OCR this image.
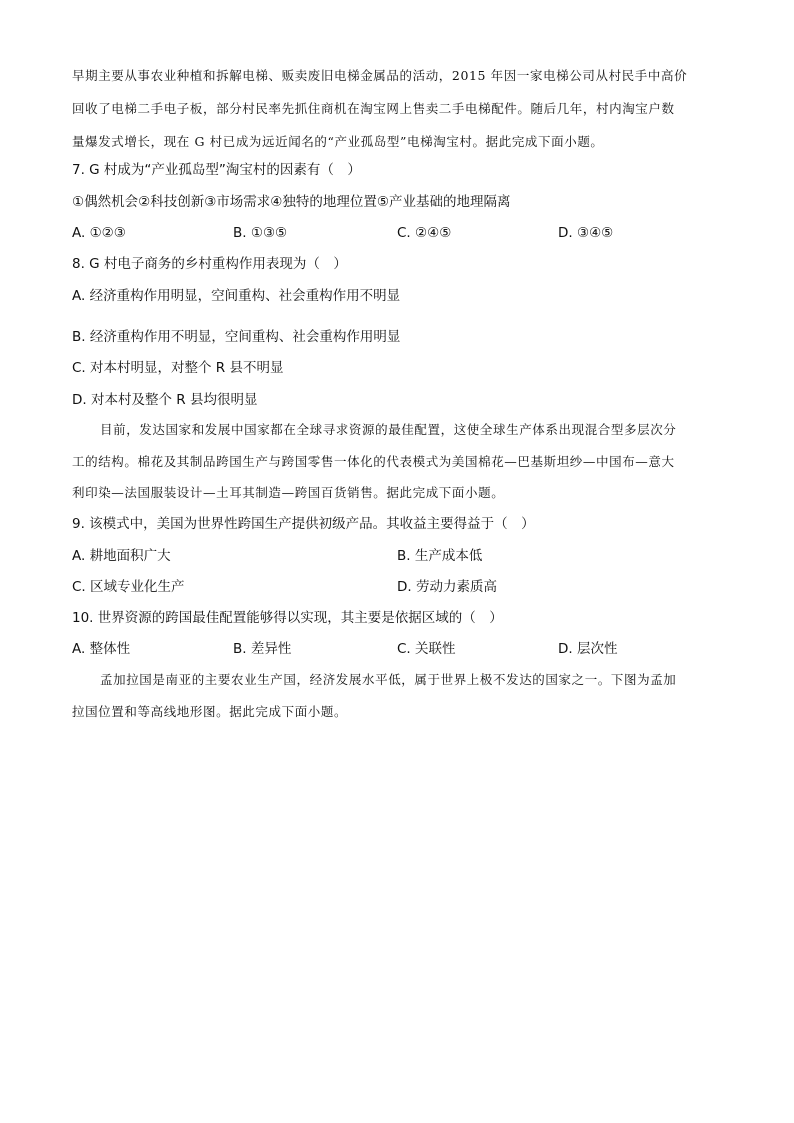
早期主要从事农业种植和拆解电梯、贩卖废旧电梯金属品的活动，2015 年因一家电梯公司从村民手中高价
回收了电梯二手电子板，部分村民率先抓住商机在淘宝网上售卖二手电梯配件。随后几年，村内淘宝户数
量爆发式增长，现在 G 村已成为远近闻名的“产业孤岛型”电梯淘宝村。据此完成下面小题。
7. G 村成为“产业孤岛型”淘宝村的因素有（　）
①偶然机会②科技创新③市场需求④独特的地理位置⑤产业基础的地理隔离
A. ①②③	B. ①③⑤	C. ②④⑤	D. ③④⑤
8. G 村电子商务的乡村重构作用表现为（　）
A. 经济重构作用明显，空间重构、社会重构作用不明显
B. 经济重构作用不明显，空间重构、社会重构作用明显
C. 对本村明显，对整个 R 县不明显
D. 对本村及整个 R 县均很明显
目前，发达国家和发展中国家都在全球寻求资源的最佳配置，这使全球生产体系出现混合型多层次分
工的结构。棉花及其制品跨国生产与跨国零售一体化的代表模式为美国棉花—巴基斯坦纱—中国布—意大
利印染—法国服装设计—土耳其制造—跨国百货销售。据此完成下面小题。
9. 该模式中，美国为世界性跨国生产提供初级产品。其收益主要得益于（　）
A. 耕地面积广大	B. 生产成本低
C. 区域专业化生产	D. 劳动力素质高
10. 世界资源的跨国最佳配置能够得以实现，其主要是依据区域的（　）
A. 整体性	B. 差异性	C. 关联性	D. 层次性
孟加拉国是南亚的主要农业生产国，经济发展水平低，属于世界上极不发达的国家之一。下图为孟加
拉国位置和等高线地形图。据此完成下面小题。
